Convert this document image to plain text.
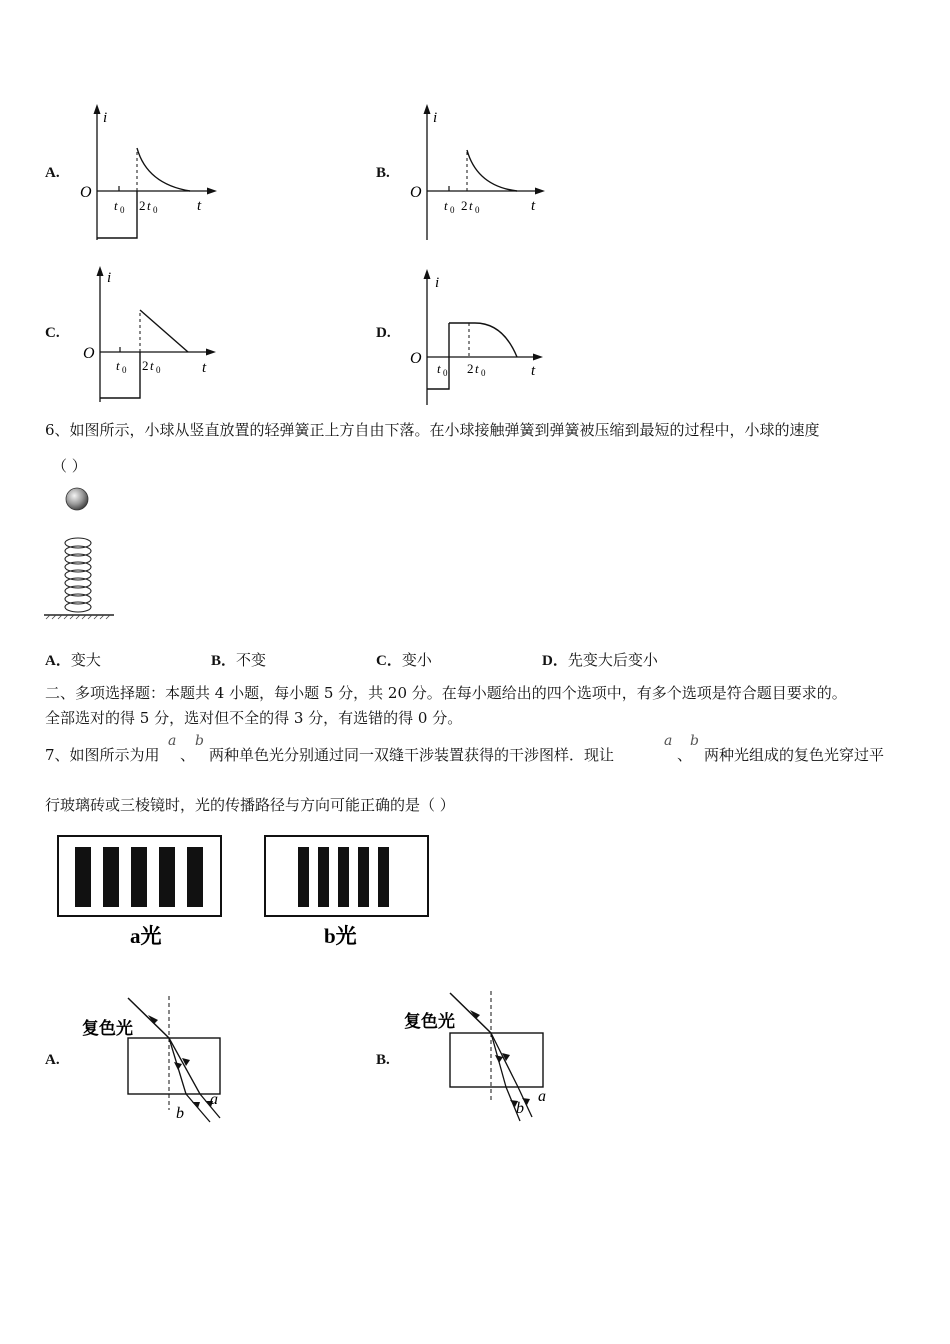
A.
i
O
t
t 0 2 t 0
B.
i
O
t
t 0 2 t 0
C.
i
O
t
t 0 2 t 0
D.
i
O
t
t 0 2 t 0
6、如图所示，小球从竖直放置的轻弹簧正上方自由下落。在小球接触弹簧到弹簧被压缩到最短的过程中，小球的速度
（ ）
A．变大	B．不变	C．变小	D．先变大后变小
二、多项选择题：本题共 4 小题，每小题 5 分，共 20 分。在每小题给出的四个选项中，有多个选项是符合题目要求的。
全部选对的得 5 分，选对但不全的得 3 分，有选错的得 0 分。
7、如图所示为用
a
、
b
两种单色光分别通过同一双缝干涉装置获得的干涉图样．现让
a
、
b
两种光组成的复色光穿过平
行玻璃砖或三棱镜时，光的传播路径与方向可能正确的是（ ）
a光	b光
A.
复色光
b
a
B.
复色光
b
a
